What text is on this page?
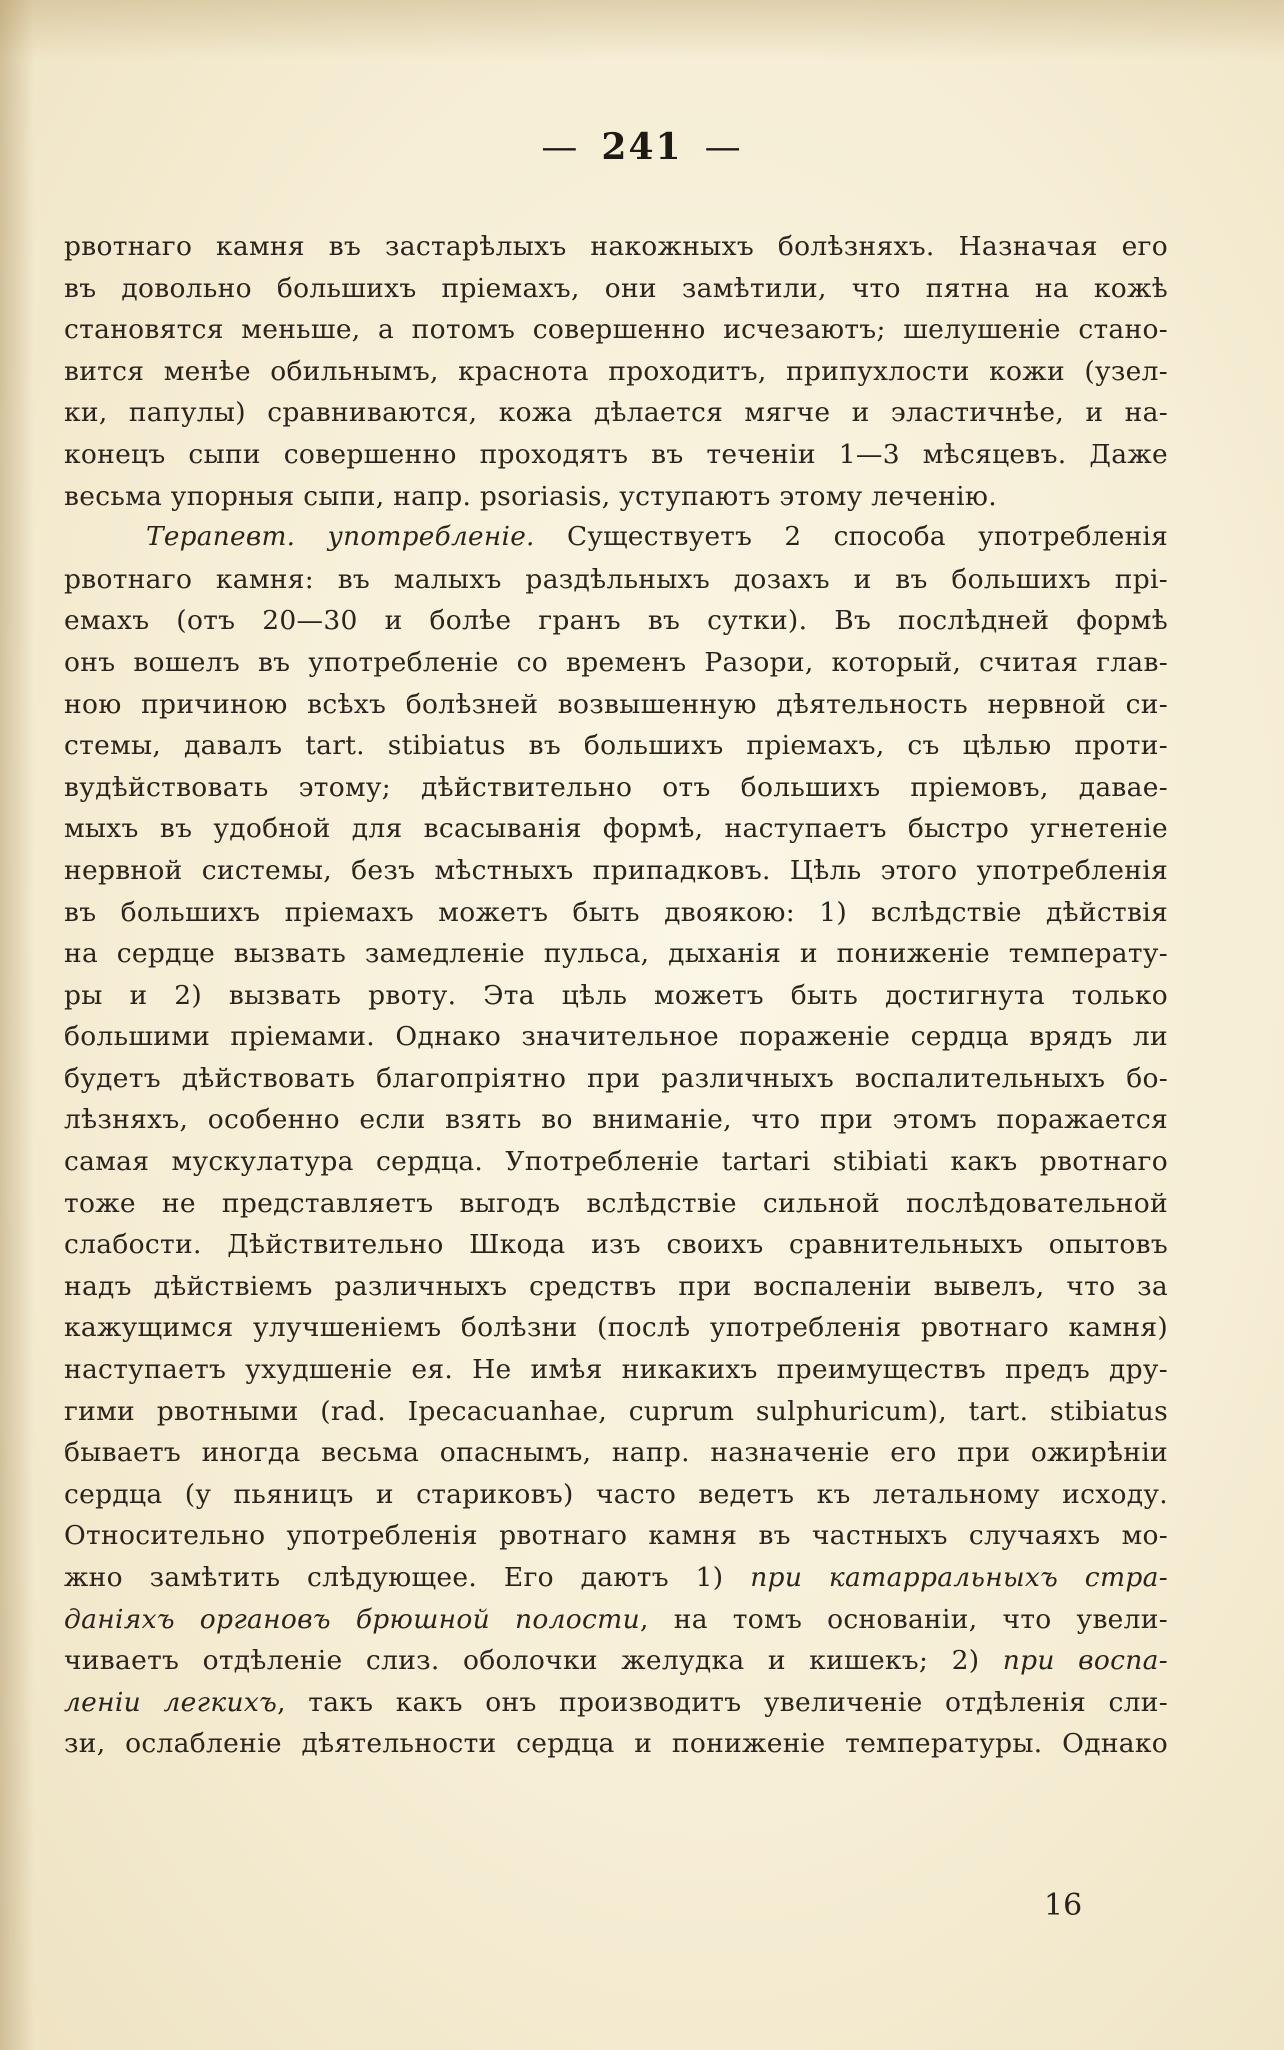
— 241 —
рвотнаго камня въ застарѣлыхъ накожныхъ болѣзняхъ. Назначая его
въ довольно большихъ пріемахъ, они замѣтили, что пятна на кожѣ
становятся меньше, а потомъ совершенно исчезаютъ; шелушеніе стано-
вится менѣе обильнымъ, краснота проходитъ, припухлости кожи (узел-
ки, папулы) сравниваются, кожа дѣлается мягче и эластичнѣе, и на-
конецъ сыпи совершенно проходятъ въ теченіи 1—3 мѣсяцевъ. Даже
весьма упорныя сыпи, напр. psoriasis, уступаютъ этому леченію.
Терапевт. употребленіе. Существуетъ 2 способа употребленія
рвотнаго камня: въ малыхъ раздѣльныхъ дозахъ и въ большихъ прі-
емахъ (отъ 20—30 и болѣе гранъ въ сутки). Въ послѣдней формѣ
онъ вошелъ въ употребленіе со временъ Разори, который, считая глав-
ною причиною всѣхъ болѣзней возвышенную дѣятельность нервной си-
стемы, давалъ tart. stibiatus въ большихъ пріемахъ, съ цѣлью проти-
вудѣйствовать этому; дѣйствительно отъ большихъ пріемовъ, давае-
мыхъ въ удобной для всасыванія формѣ, наступаетъ быстро угнетеніе
нервной системы, безъ мѣстныхъ припадковъ. Цѣль этого употребленія
въ большихъ пріемахъ можетъ быть двоякою: 1) вслѣдствіе дѣйствія
на сердце вызвать замедленіе пульса, дыханія и пониженіе температу-
ры и 2) вызвать рвоту. Эта цѣль можетъ быть достигнута только
большими пріемами. Однако значительное пораженіе сердца врядъ ли
будетъ дѣйствовать благопріятно при различныхъ воспалительныхъ бо-
лѣзняхъ, особенно если взять во вниманіе, что при этомъ поражается
самая мускулатура сердца. Употребленіе tartari stibiati какъ рвотнаго
тоже не представляетъ выгодъ вслѣдствіе сильной послѣдовательной
слабости. Дѣйствительно Шкода изъ своихъ сравнительныхъ опытовъ
надъ дѣйствіемъ различныхъ средствъ при воспаленіи вывелъ, что за
кажущимся улучшеніемъ болѣзни (послѣ употребленія рвотнаго камня)
наступаетъ ухудшеніе ея. Не имѣя никакихъ преимуществъ предъ дру-
гими рвотными (rad. Ipecacuanhae, cuprum sulphuricum), tart. stibiatus
бываетъ иногда весьма опаснымъ, напр. назначеніе его при ожирѣніи
сердца (у пьяницъ и стариковъ) часто ведетъ къ летальному исходу.
Относительно употребленія рвотнаго камня въ частныхъ случаяхъ мо-
жно замѣтить слѣдующее. Его даютъ 1) при катарральныхъ стра-
даніяхъ органовъ брюшной полости, на томъ основаніи, что увели-
чиваетъ отдѣленіе слиз. оболочки желудка и кишекъ; 2) при воспа-
леніи легкихъ, такъ какъ онъ производитъ увеличеніе отдѣленія сли-
зи, ослабленіе дѣятельности сердца и пониженіе температуры. Однако
16
